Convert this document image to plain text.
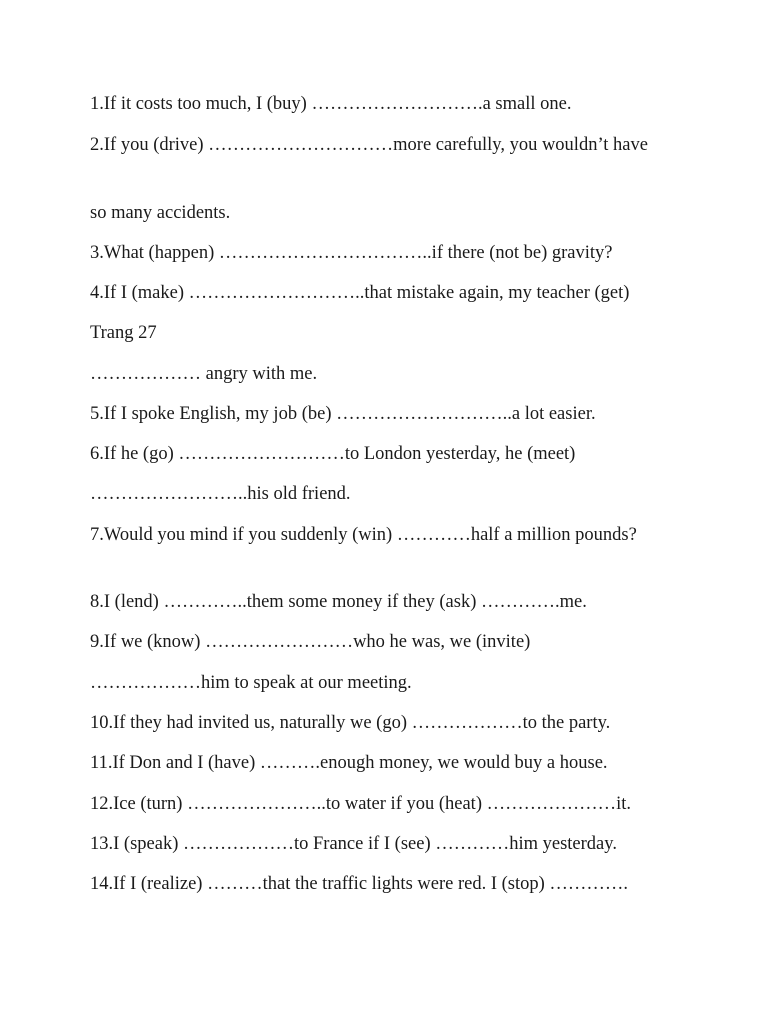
1.If it costs too much, I (buy) ……………………….a small one.
2.If you (drive) …………………………more carefully, you wouldn’t have
so many accidents.
3.What (happen) ……………………………..if there (not be) gravity?
4.If I (make) ………………………..that mistake again, my teacher (get)
Trang 27
……………… angry with me.
5.If I spoke English, my job (be) ………………………..a lot easier.
6.If he (go) ………………………to London yesterday, he (meet)
……………………..his old friend.
7.Would you mind if you suddenly (win) …………half a million pounds?
8.I (lend) …………..them some money if they (ask) ………….me.
9.If we (know) ……………………who he was, we (invite)
………………him to speak at our meeting.
10.If they had invited us, naturally we (go) ………………to the party.
11.If Don and I (have) ……….enough money, we would buy a house.
12.Ice (turn) …………………..to water if you (heat) …………………it.
13.I (speak) ………………to France if I (see) …………him yesterday.
14.If I (realize) ………that the traffic lights were red. I (stop) ………….
